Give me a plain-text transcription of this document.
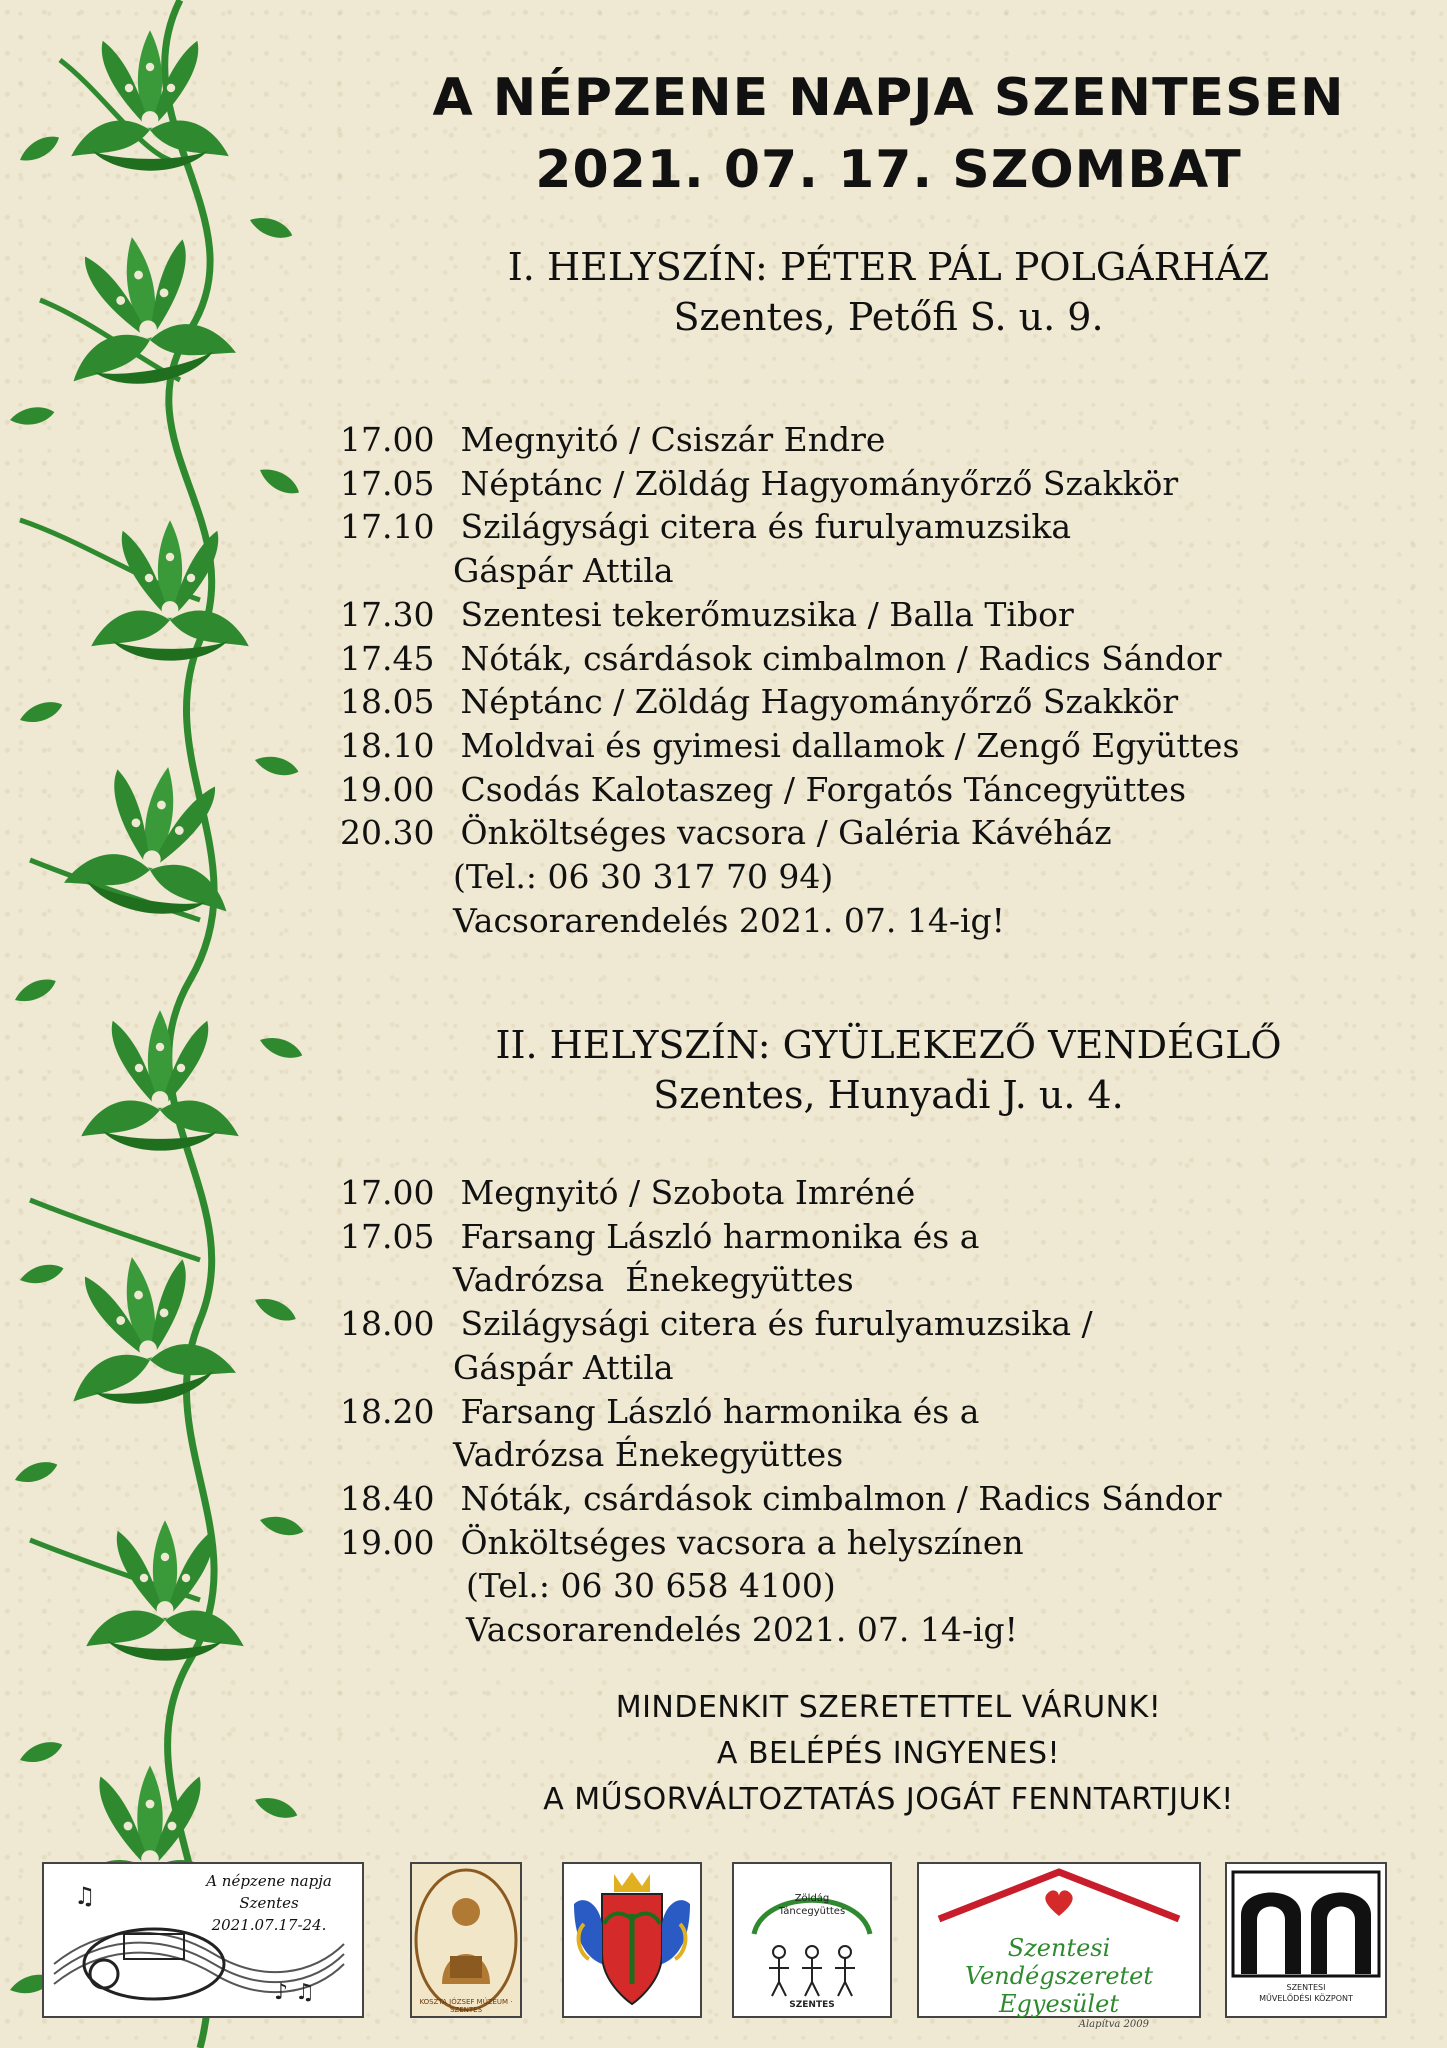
A NÉPZENE NAPJA SZENTESEN
2021. 07. 17. SZOMBAT
I. HELYSZÍN: PÉTER PÁL POLGÁRHÁZ
Szentes, Petőfi S. u. 9.
17.00
Megnyitó / Csiszár Endre
17.05
Néptánc / Zöldág Hagyományőrző Szakkör
17.10
Szilágysági citera és furulyamuzsika
Gáspár Attila
17.30
Szentesi tekerőmuzsika / Balla Tibor
17.45
Nóták, csárdások cimbalmon / Radics Sándor
18.05
Néptánc / Zöldág Hagyományőrző Szakkör
18.10
Moldvai és gyimesi dallamok / Zengő Együttes
19.00
Csodás Kalotaszeg / Forgatós Táncegyüttes
20.30
Önköltséges vacsora / Galéria Kávéház
(Tel.: 06 30 317 70 94)
Vacsorarendelés 2021. 07. 14-ig!
II. HELYSZÍN: GYÜLEKEZŐ VENDÉGLŐ
Szentes, Hunyadi J. u. 4.
17.00
Megnyitó / Szobota Imréné
17.05
Farsang László harmonika és a
Vadrózsa  Énekegyüttes
18.00
Szilágysági citera és furulyamuzsika /
Gáspár Attila
18.20
Farsang László harmonika és a
Vadrózsa Énekegyüttes
18.40
Nóták, csárdások cimbalmon / Radics Sándor
19.00
Önköltséges vacsora a helyszínen
(Tel.: 06 30 658 4100)
Vacsorarendelés 2021. 07. 14-ig!
MINDENKIT SZERETETTEL VÁRUNK!
A BELÉPÉS INGYENES!
A MŰSORVÁLTOZTATÁS JOGÁT FENNTARTJUK!
♪ ♫
♫
A népzene napja
Szentes
2021.07.17-24.
KOSZTA JÓZSEF MÚZEUM · SZENTES
Zöldág
Táncegyüttes
SZENTES
Szentesi Vendégszeretet
Egyesület
Alapítva 2009
SZENTESI
MŰVELŐDÉSI KÖZPONT
